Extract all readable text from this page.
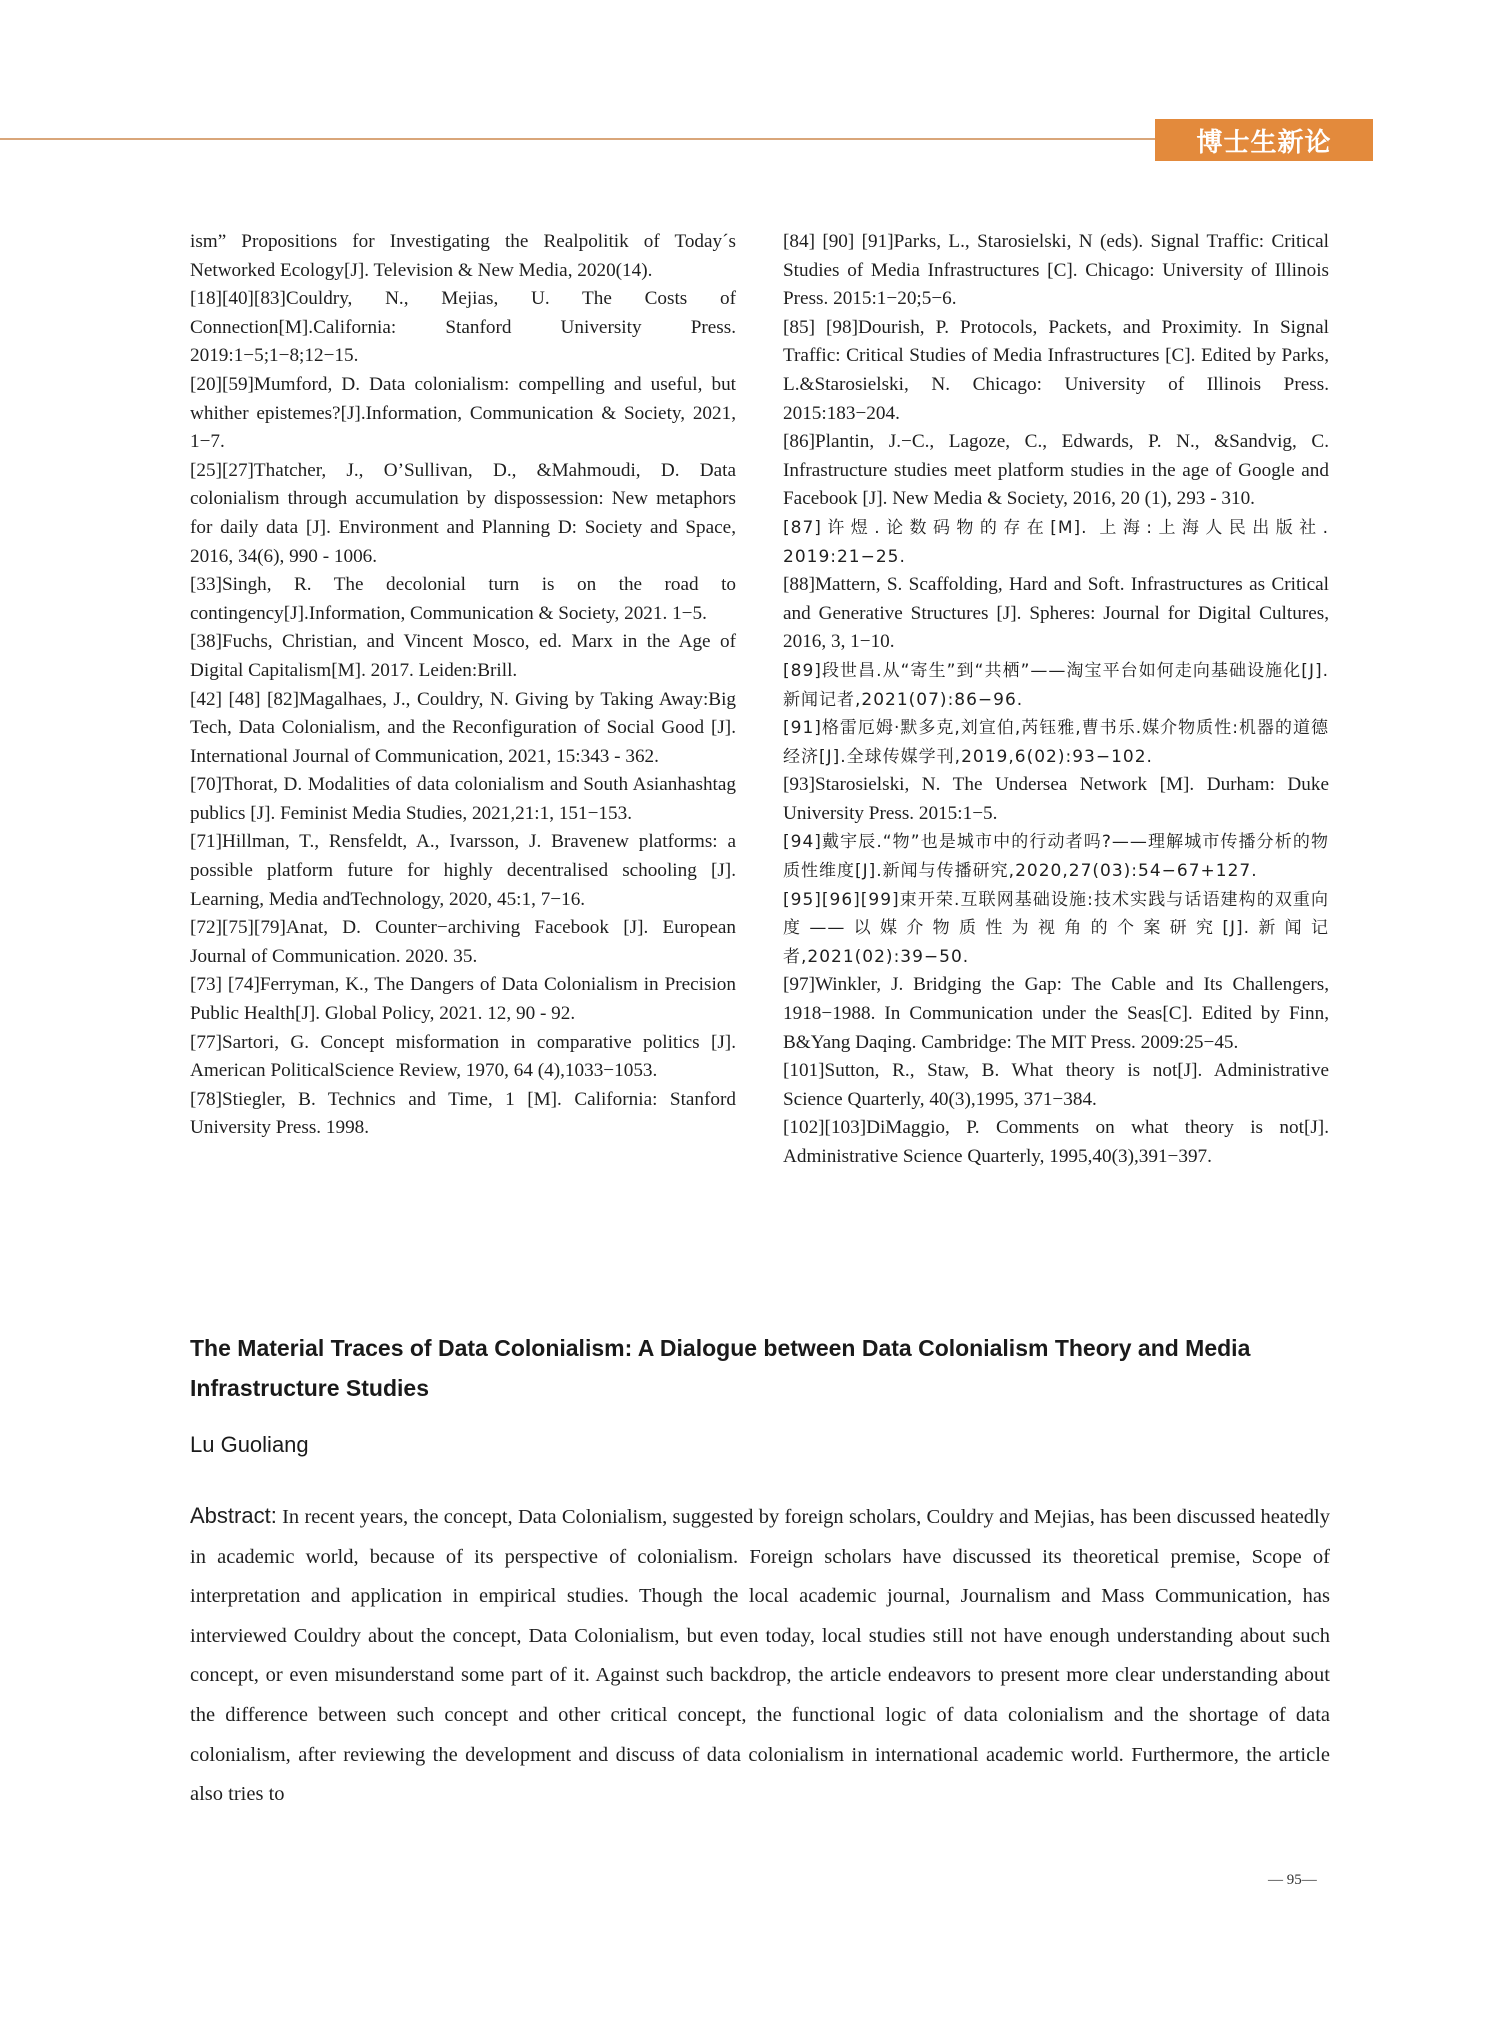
博士生新论

ism” Propositions for Investigating the Realpolitik of Today´s Networked Ecology[J]. Television & New Media, 2020(14).

[18][40][83]Couldry, N., Mejias, U. The Costs of Connection[M].California: Stanford University Press. 2019:1−5;1−8;12−15.

[20][59]Mumford, D. Data colonialism: compelling and useful, but whither epistemes?[J].Information, Communication & Society, 2021, 1−7.

[25][27]Thatcher, J., O’Sullivan, D., &Mahmoudi, D. Data colonialism through accumulation by dispossession: New metaphors for daily data [J]. Environment and Planning D: Society and Space, 2016, 34(6), 990 - 1006.

[33]Singh, R. The decolonial turn is on the road to contingency[J].Information, Communication & Society, 2021. 1−5.

[38]Fuchs, Christian, and Vincent Mosco, ed. Marx in the Age of Digital Capitalism[M]. 2017. Leiden:Brill.

[42] [48] [82]Magalhaes, J., Couldry, N. Giving by Taking Away:Big Tech, Data Colonialism, and the Reconfiguration of Social Good [J]. International Journal of Communication, 2021, 15:343 - 362.

[70]Thorat, D. Modalities of data colonialism and South Asianhashtag publics [J]. Feminist Media Studies, 2021,21:1, 151−153.

[71]Hillman, T., Rensfeldt, A., Ivarsson, J. Bravenew platforms: a possible platform future for highly decentralised schooling [J]. Learning, Media andTechnology, 2020, 45:1, 7−16.

[72][75][79]Anat, D. Counter−archiving Facebook [J]. European Journal of Communication. 2020. 35.

[73] [74]Ferryman, K., The Dangers of Data Colonialism in Precision Public Health[J]. Global Policy, 2021. 12, 90 - 92.

[77]Sartori, G. Concept misformation in comparative politics [J]. American PoliticalScience Review, 1970, 64 (4),1033−1053.

[78]Stiegler, B. Technics and Time, 1 [M]. California: Stanford University Press. 1998.

[84] [90] [91]Parks, L., Starosielski, N (eds). Signal Traffic: Critical Studies of Media Infrastructures [C]. Chicago: University of Illinois Press. 2015:1−20;5−6.

[85] [98]Dourish, P. Protocols, Packets, and Proximity. In Signal Traffic: Critical Studies of Media Infrastructures [C]. Edited by Parks, L.&Starosielski, N. Chicago: University of Illinois Press. 2015:183−204.

[86]Plantin, J.−C., Lagoze, C., Edwards, P. N., &Sandvig, C. Infrastructure studies meet platform studies in the age of Google and Facebook [J]. New Media & Society, 2016, 20 (1), 293 - 310.

[87]许煜.论数码物的存在[M]. 上海:上海人民出版社. 2019:21−25.

[88]Mattern, S. Scaffolding, Hard and Soft. Infrastructures as Critical and Generative Structures [J]. Spheres: Journal for Digital Cultures, 2016, 3, 1−10.

[89]段世昌.从“寄生”到“共栖”——淘宝平台如何走向基础设施化[J].新闻记者,2021(07):86−96.

[91]格雷厄姆·默多克,刘宣伯,芮钰雅,曹书乐.媒介物质性:机器的道德经济[J].全球传媒学刊,2019,6(02):93−102.

[93]Starosielski, N. The Undersea Network [M]. Durham: Duke University Press. 2015:1−5.

[94]戴宇辰.“物”也是城市中的行动者吗?——理解城市传播分析的物质性维度[J].新闻与传播研究,2020,27(03):54−67+127.

[95][96][99]束开荣.互联网基础设施:技术实践与话语建构的双重向度——以媒介物质性为视角的个案研究[J].新闻记者,2021(02):39−50.

[97]Winkler, J. Bridging the Gap: The Cable and Its Challengers, 1918−1988. In Communication under the Seas[C]. Edited by Finn, B&Yang Daqing. Cambridge: The MIT Press. 2009:25−45.

[101]Sutton, R., Staw, B. What theory is not[J]. Administrative Science Quarterly, 40(3),1995, 371−384.

[102][103]DiMaggio, P. Comments on what theory is not[J]. Administrative Science Quarterly, 1995,40(3),391−397.

The Material Traces of Data Colonialism: A Dialogue between Data Colonialism Theory and Media Infrastructure Studies
Lu Guoliang
Abstract: In recent years, the concept, Data Colonialism, suggested by foreign scholars, Couldry and Mejias, has been discussed heatedly in academic world, because of its perspective of colonialism. Foreign scholars have discussed its theoretical premise, Scope of interpretation and application in empirical studies. Though the local academic journal, Journalism and Mass Communication, has interviewed Couldry about the concept, Data Colonialism, but even today, local studies still not have enough understanding about such concept, or even misunderstand some part of it. Against such backdrop, the article endeavors to present more clear understanding about the difference between such concept and other critical concept, the functional logic of data colonialism and the shortage of data colonialism, after reviewing the development and discuss of data colonialism in international academic world. Furthermore, the article also tries to
— 95—
